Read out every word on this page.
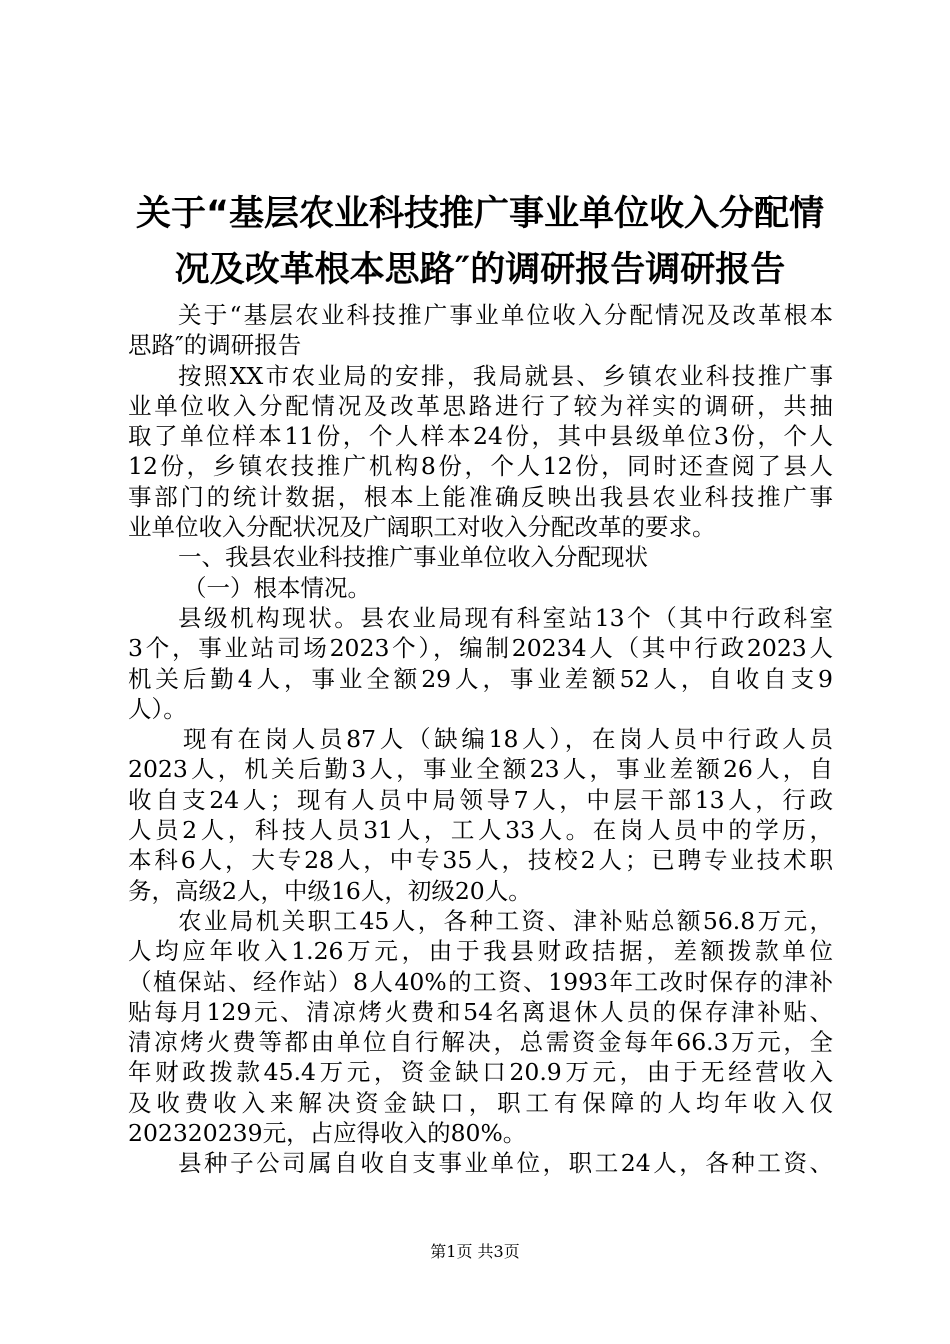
关于“基层农业科技推广事业单位收入分配情
况及改革根本思路″的调研报告调研报告
关于“基层农业科技推广事业单位收入分配情况及改革根本
思路″的调研报告
按照XX市农业局的安排，我局就县、乡镇农业科技推广事
业单位收入分配情况及改革思路进行了较为祥实的调研，共抽
取了单位样本11份，个人样本24份，其中县级单位3份，个人
12份，乡镇农技推广机构8份，个人12份，同时还查阅了县人
事部门的统计数据，根本上能准确反映出我县农业科技推广事
业单位收入分配状况及广阔职工对收入分配改革的要求。
一、我县农业科技推广事业单位收入分配现状
（一）根本情况。
县级机构现状。县农业局现有科室站13个（其中行政科室
3个，事业站司场2023个），编制20234人（其中行政2023人
机关后勤4人，事业全额29人，事业差额52人，自收自支9
人）。
现有在岗人员87人（缺编18人），在岗人员中行政人员
2023人，机关后勤3人，事业全额23人，事业差额26人，自
收自支24人；现有人员中局领导7人，中层干部13人，行政
人员2人，科技人员31人，工人33人。在岗人员中的学历，
本科6人，大专28人，中专35人，技校2人；已聘专业技术职
务，高级2人，中级16人，初级20人。
农业局机关职工45人，各种工资、津补贴总额56.8万元，
人均应年收入1.26万元，由于我县财政拮据，差额拨款单位
（植保站、经作站）8人40%的工资、1993年工改时保存的津补
贴每月129元、清凉烤火费和54名离退休人员的保存津补贴、
清凉烤火费等都由单位自行解决，总需资金每年66.3万元，全
年财政拨款45.4万元，资金缺口20.9万元，由于无经营收入
及收费收入来解决资金缺口，职工有保障的人均年收入仅
202320239元，占应得收入的80%。
县种子公司属自收自支事业单位，职工24人，各种工资、
第1页 共3页
